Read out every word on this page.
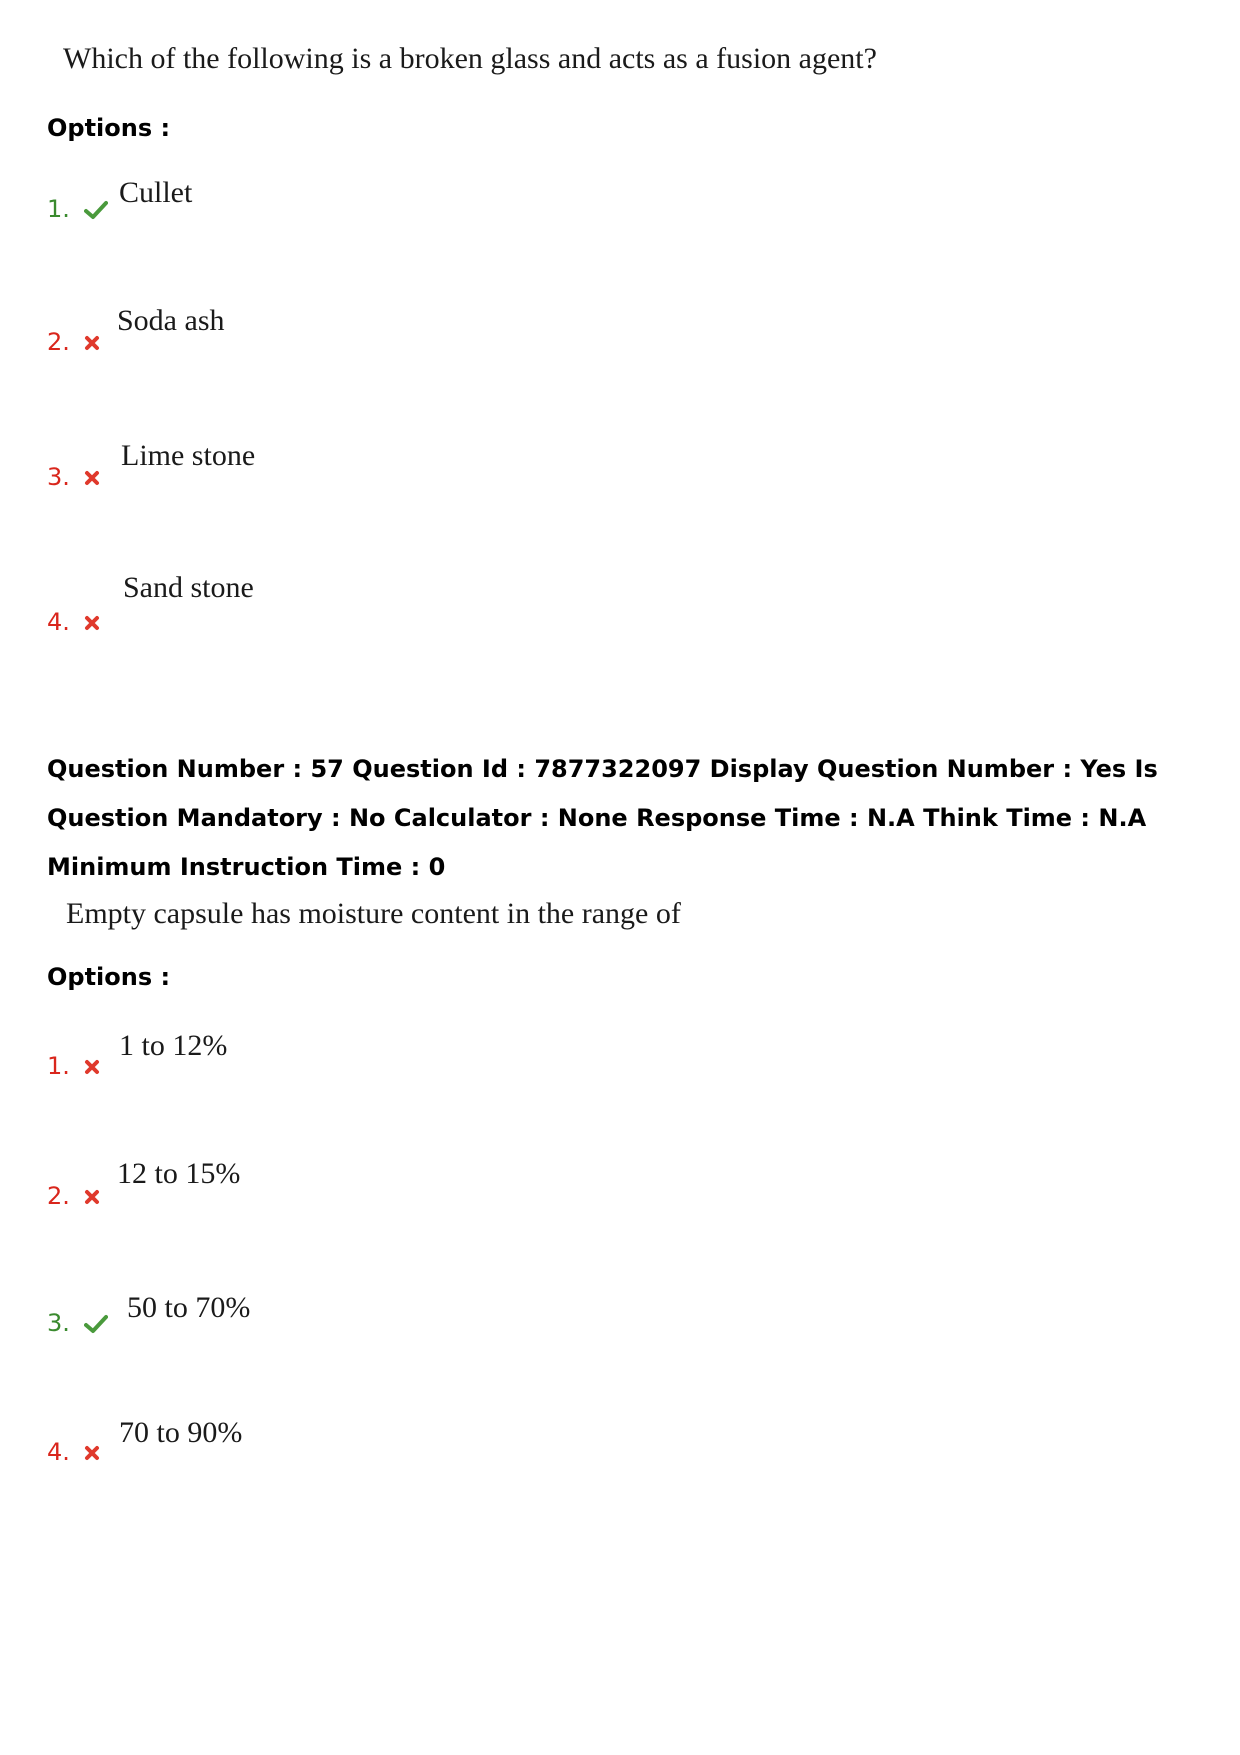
Which of the following is a broken glass and acts as a fusion agent?
Options :
1.	Cullet
2.
Soda ash
3.
Lime stone
4.
Sand stone
Question Number : 57 Question Id : 7877322097 Display Question Number : Yes Is Question Mandatory : No Calculator : None Response Time : N.A Think Time : N.A Minimum Instruction Time : 0
Empty capsule has moisture content in the range of
Options :
1.
1 to 12%
2.
12 to 15%
3.	50 to 70%
4.
70 to 90%
